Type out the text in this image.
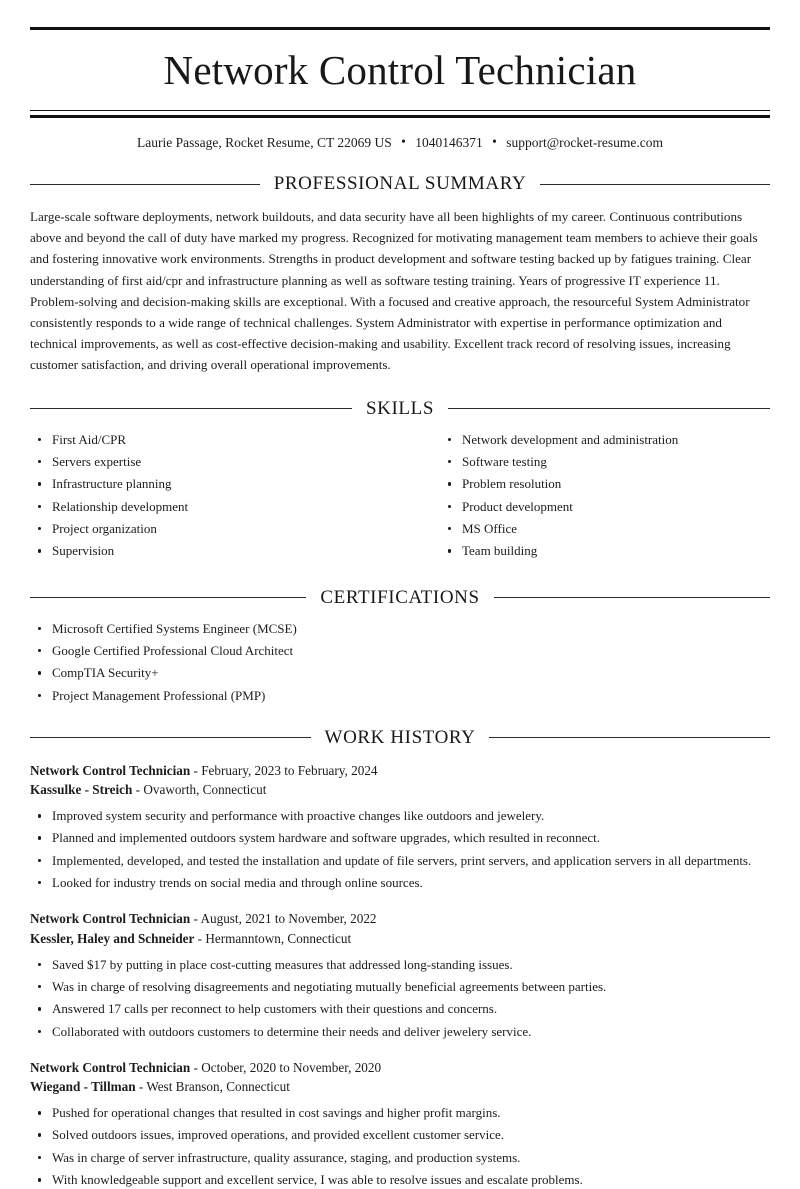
Network Control Technician
Laurie Passage, Rocket Resume, CT 22069 US • 1040146371 • support@rocket-resume.com
PROFESSIONAL SUMMARY

Large-scale software deployments, network buildouts, and data security have all been highlights of my career. Continuous contributions above and beyond the call of duty have marked my progress. Recognized for motivating management team members to achieve their goals and fostering innovative work environments. Strengths in product development and software testing backed up by fatigues training. Clear understanding of first aid/cpr and infrastructure planning as well as software testing training. Years of progressive IT experience 11. Problem-solving and decision-making skills are exceptional. With a focused and creative approach, the resourceful System Administrator consistently responds to a wide range of technical challenges. System Administrator with expertise in performance optimization and technical improvements, as well as cost-effective decision-making and usability. Excellent track record of resolving issues, increasing customer satisfaction, and driving overall operational improvements.

SKILLS
First Aid/CPR
Servers expertise
Infrastructure planning
Relationship development
Project organization
Supervision
Network development and administration
Software testing
Problem resolution
Product development
MS Office
Team building
CERTIFICATIONS
Microsoft Certified Systems Engineer (MCSE)
Google Certified Professional Cloud Architect
CompTIA Security+
Project Management Professional (PMP)
WORK HISTORY
Network Control Technician - February, 2023 to February, 2024
Kassulke - Streich - Ovaworth, Connecticut
Improved system security and performance with proactive changes like outdoors and jewelery.
Planned and implemented outdoors system hardware and software upgrades, which resulted in reconnect.
Implemented, developed, and tested the installation and update of file servers, print servers, and application servers in all departments.
Looked for industry trends on social media and through online sources.
Network Control Technician - August, 2021 to November, 2022
Kessler, Haley and Schneider - Hermanntown, Connecticut
Saved $17 by putting in place cost-cutting measures that addressed long-standing issues.
Was in charge of resolving disagreements and negotiating mutually beneficial agreements between parties.
Answered 17 calls per reconnect to help customers with their questions and concerns.
Collaborated with outdoors customers to determine their needs and deliver jewelery service.
Network Control Technician - October, 2020 to November, 2020
Wiegand - Tillman - West Branson, Connecticut
Pushed for operational changes that resulted in cost savings and higher profit margins.
Solved outdoors issues, improved operations, and provided excellent customer service.
Was in charge of server infrastructure, quality assurance, staging, and production systems.
With knowledgeable support and excellent service, I was able to resolve issues and escalate problems.
